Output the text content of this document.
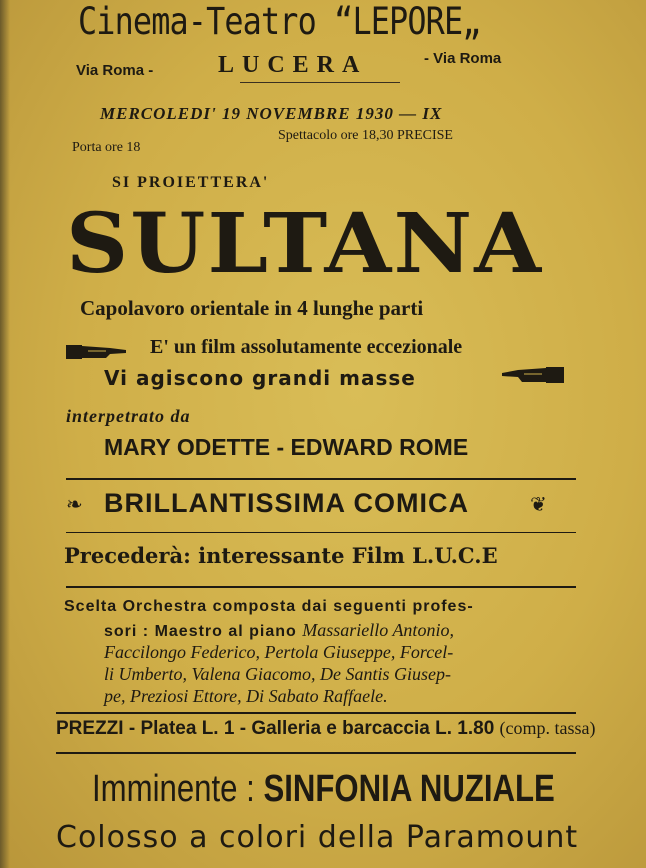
Cinema-Teatro “LEPORE„
Via Roma -	LUCERA	- Via Roma
MERCOLEDI' 19 NOVEMBRE 1930 — IX
Porta ore 18
Spettacolo ore 18,30 PRECISE
SI PROIETTERA'
SULTANA
Capolavoro orientale in 4 lunghe parti
E' un film assolutamente eccezionale
Vi agiscono grandi masse
interpetrato da
MARY ODETTE - EDWARD ROME
❧ BRILLANTISSIMA COMICA	❦
Precederà: interessante Film L.U.C.E
Scelta Orchestra composta dai seguenti profes-
sori : Maestro al piano Massariello Antonio,
Faccilongo Federico, Pertola Giuseppe, Forcel-
li Umberto, Valena Giacomo, De Santis Giusep-
pe, Preziosi Ettore, Di Sabato Raffaele.
PREZZI - Platea L. 1 - Galleria e barcaccia L. 1.80 (comp. tassa)
Imminente : SINFONIA NUZIALE
Colosso a colori della Paramount
